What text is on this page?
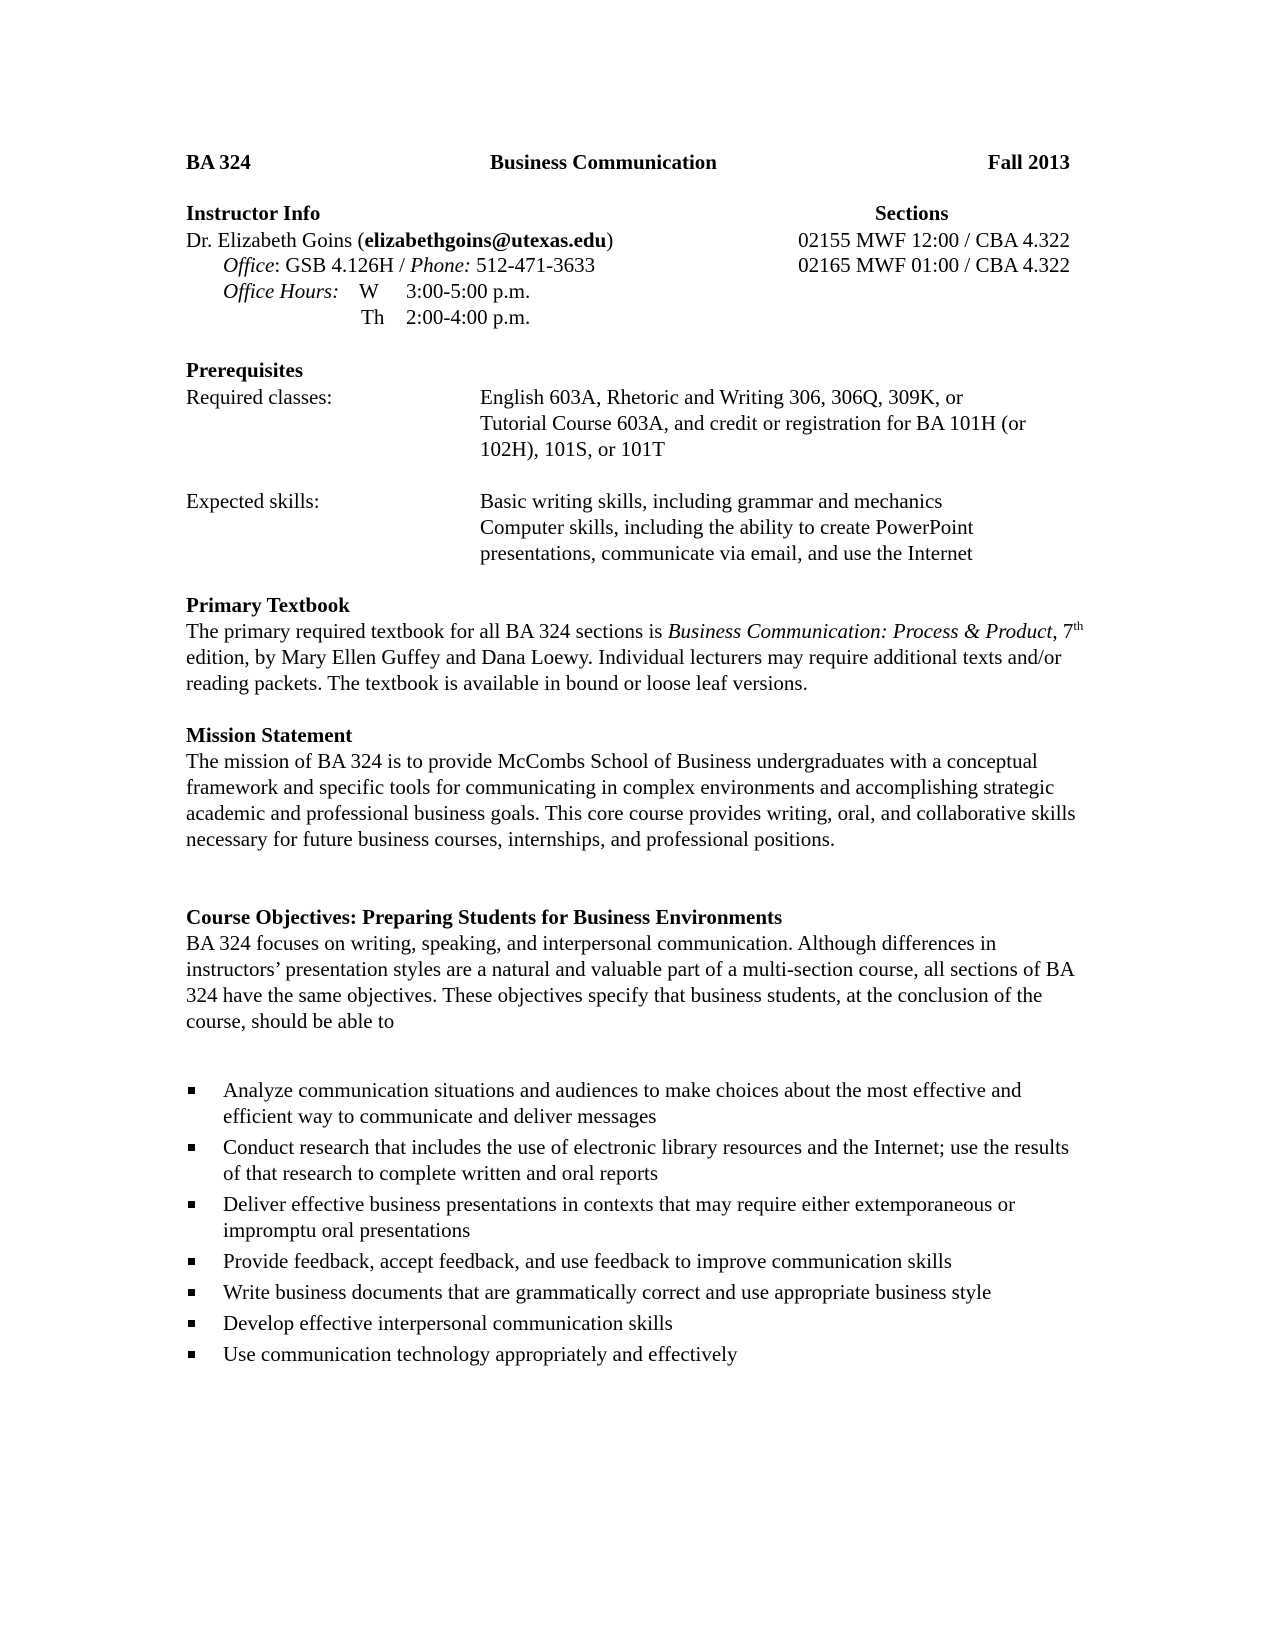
BA 324	Business Communication	Fall 2013
Instructor Info
Dr. Elizabeth Goins (elizabethgoins@utexas.edu)
Office: GSB 4.126H / Phone: 512-471-3633
Office Hours: W 3:00-5:00 p.m.
Th 2:00-4:00 p.m.
Sections
02155 MWF 12:00 / CBA 4.322
02165 MWF 01:00 / CBA 4.322
Prerequisites
Required classes:	English 603A, Rhetoric and Writing 306, 306Q, 309K, or
Tutorial Course 603A, and credit or registration for BA 101H (or
102H), 101S, or 101T
Expected skills:	Basic writing skills, including grammar and mechanics
Computer skills, including the ability to create PowerPoint
presentations, communicate via email, and use the Internet
Primary Textbook
The primary required textbook for all BA 324 sections is Business Communication: Process & Product, 7th edition, by Mary Ellen Guffey and Dana Loewy. Individual lecturers may require additional texts and/or reading packets. The textbook is available in bound or loose leaf versions.
Mission Statement
The mission of BA 324 is to provide McCombs School of Business undergraduates with a conceptual framework and specific tools for communicating in complex environments and accomplishing strategic academic and professional business goals. This core course provides writing, oral, and collaborative skills necessary for future business courses, internships, and professional positions.
Course Objectives: Preparing Students for Business Environments
BA 324 focuses on writing, speaking, and interpersonal communication. Although differences in instructors’ presentation styles are a natural and valuable part of a multi-section course, all sections of BA 324 have the same objectives. These objectives specify that business students, at the conclusion of the course, should be able to
Analyze communication situations and audiences to make choices about the most effective and efficient way to communicate and deliver messages
Conduct research that includes the use of electronic library resources and the Internet; use the results of that research to complete written and oral reports
Deliver effective business presentations in contexts that may require either extemporaneous or impromptu oral presentations
Provide feedback, accept feedback, and use feedback to improve communication skills
Write business documents that are grammatically correct and use appropriate business style
Develop effective interpersonal communication skills
Use communication technology appropriately and effectively
